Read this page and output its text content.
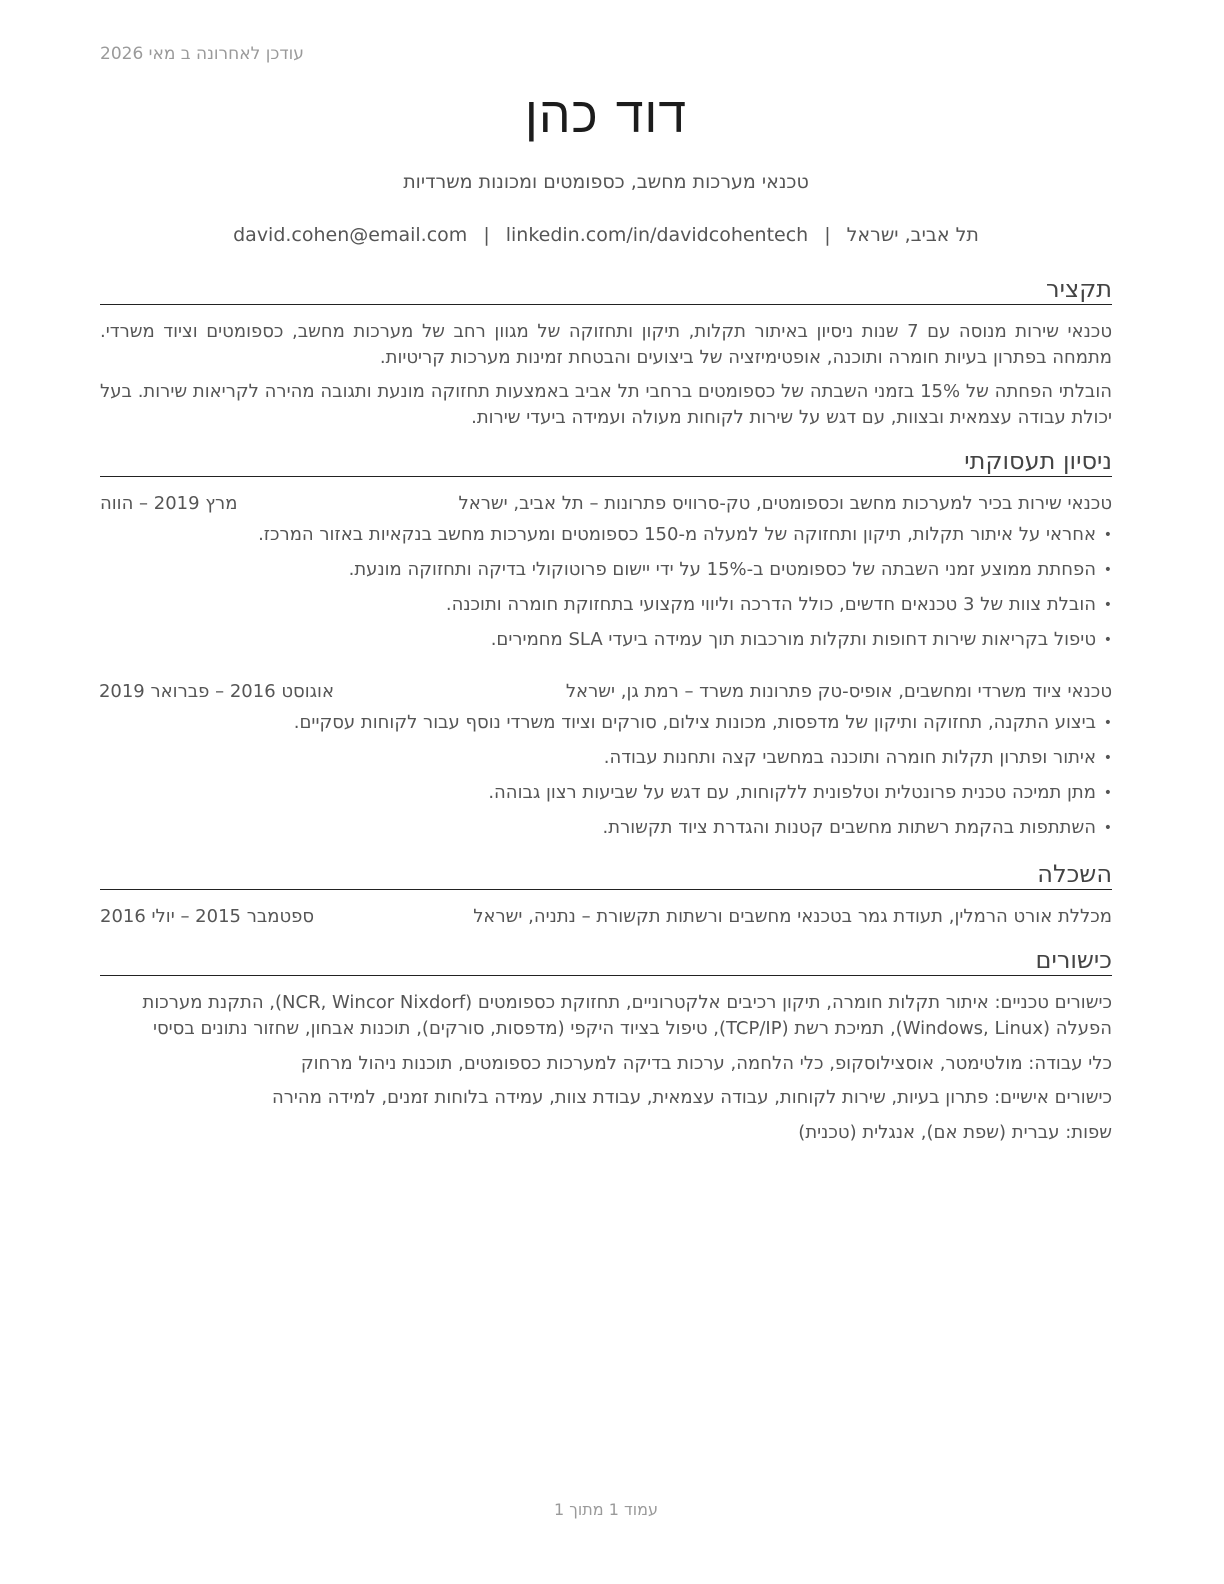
עודכן לאחרונה ב מאי 2026
דוד כהן
טכנאי מערכות מחשב, כספומטים ומכונות משרדיות
תל אביב, ישראל|david.cohen@email.com | linkedin.com/in/davidcohentech
תקציר
טכנאי שירות מנוסה עם 7 שנות ניסיון באיתור תקלות, תיקון ותחזוקה של מגוון רחב של מערכות מחשב, כספומטים וציוד משרדי. מתמחה בפתרון בעיות חומרה ותוכנה, אופטימיזציה של ביצועים והבטחת זמינות מערכות קריטיות.
הובלתי הפחתה של 15% בזמני השבתה של כספומטים ברחבי תל אביב באמצעות תחזוקה מונעת ותגובה מהירה לקריאות שירות. בעל יכולת עבודה עצמאית ובצוות, עם דגש על שירות לקוחות מעולה ועמידה ביעדי שירות.
ניסיון תעסוקתי
טכנאי שירות בכיר למערכות מחשב וכספומטים, טק-סרוויס פתרונות – תל אביב, ישראל
מרץ 2019 – הווה
• אחראי על איתור תקלות, תיקון ותחזוקה של למעלה מ-150 כספומטים ומערכות מחשב בנקאיות באזור המרכז.
• הפחתת ממוצע זמני השבתה של כספומטים ב-15% על ידי יישום פרוטוקולי בדיקה ותחזוקה מונעת.
• הובלת צוות של 3 טכנאים חדשים, כולל הדרכה וליווי מקצועי בתחזוקת חומרה ותוכנה.
• טיפול בקריאות שירות דחופות ותקלות מורכבות תוך עמידה ביעדי SLA מחמירים.
טכנאי ציוד משרדי ומחשבים, אופיס-טק פתרונות משרד – רמת גן, ישראל
אוגוסט 2016 – פברואר 2019
• ביצוע התקנה, תחזוקה ותיקון של מדפסות, מכונות צילום, סורקים וציוד משרדי נוסף עבור לקוחות עסקיים.
• איתור ופתרון תקלות חומרה ותוכנה במחשבי קצה ותחנות עבודה.
• מתן תמיכה טכנית פרונטלית וטלפונית ללקוחות, עם דגש על שביעות רצון גבוהה.
• השתתפות בהקמת רשתות מחשבים קטנות והגדרת ציוד תקשורת.
השכלה
מכללת אורט הרמלין, תעודת גמר בטכנאי מחשבים ורשתות תקשורת – נתניה, ישראל
ספטמבר 2015 – יולי 2016
כישורים
כישורים טכניים: איתור תקלות חומרה, תיקון רכיבים אלקטרוניים, תחזוקת כספומטים (NCR, Wincor Nixdorf), התקנת מערכות הפעלה (Windows, Linux), תמיכת רשת (TCP/IP), טיפול בציוד היקפי (מדפסות, סורקים), תוכנות אבחון, שחזור נתונים בסיסי
כלי עבודה: מולטימטר, אוסצילוסקופ, כלי הלחמה, ערכות בדיקה למערכות כספומטים, תוכנות ניהול מרחוק
כישורים אישיים: פתרון בעיות, שירות לקוחות, עבודה עצמאית, עבודת צוות, עמידה בלוחות זמנים, למידה מהירה
שפות: עברית (שפת אם), אנגלית (טכנית)
עמוד 1 מתוך 1
